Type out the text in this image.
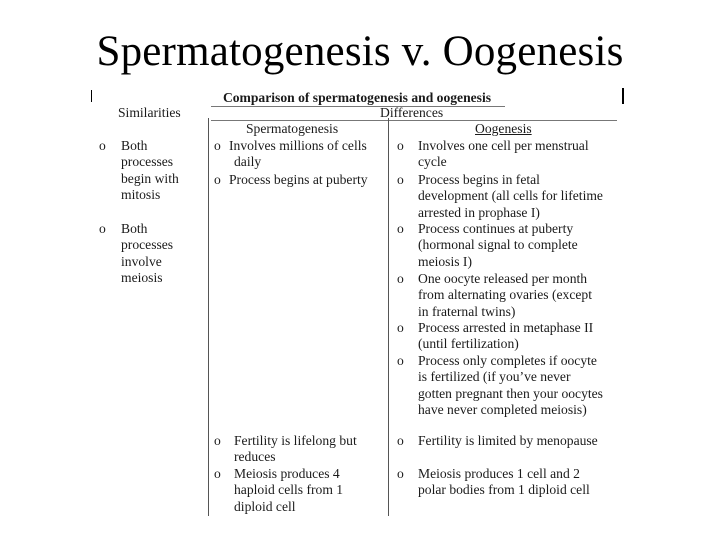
Spermatogenesis v. Oogenesis
Comparison of spermatogenesis and oogenesis
Similarities	Differences
Spermatogenesis	Oogenesis
o Both
processes
begin with
mitosis
o Both
processes
involve
meiosis
o Involves millions of cells
daily
o Process begins at puberty
o Fertility is lifelong but
reduces
o Meiosis produces 4
haploid cells from 1
diploid cell
o Involves one cell per menstrual
cycle
o Process begins in fetal
development (all cells for lifetime
arrested in prophase I)
o Process continues at puberty
(hormonal signal to complete
meiosis I)
o One oocyte released per month
from alternating ovaries (except
in fraternal twins)
o Process arrested in metaphase II
(until fertilization)
o Process only completes if oocyte
is fertilized (if you’ve never
gotten pregnant then your oocytes
have never completed meiosis)
o Fertility is limited by menopause
o Meiosis produces 1 cell and 2
polar bodies from 1 diploid cell
